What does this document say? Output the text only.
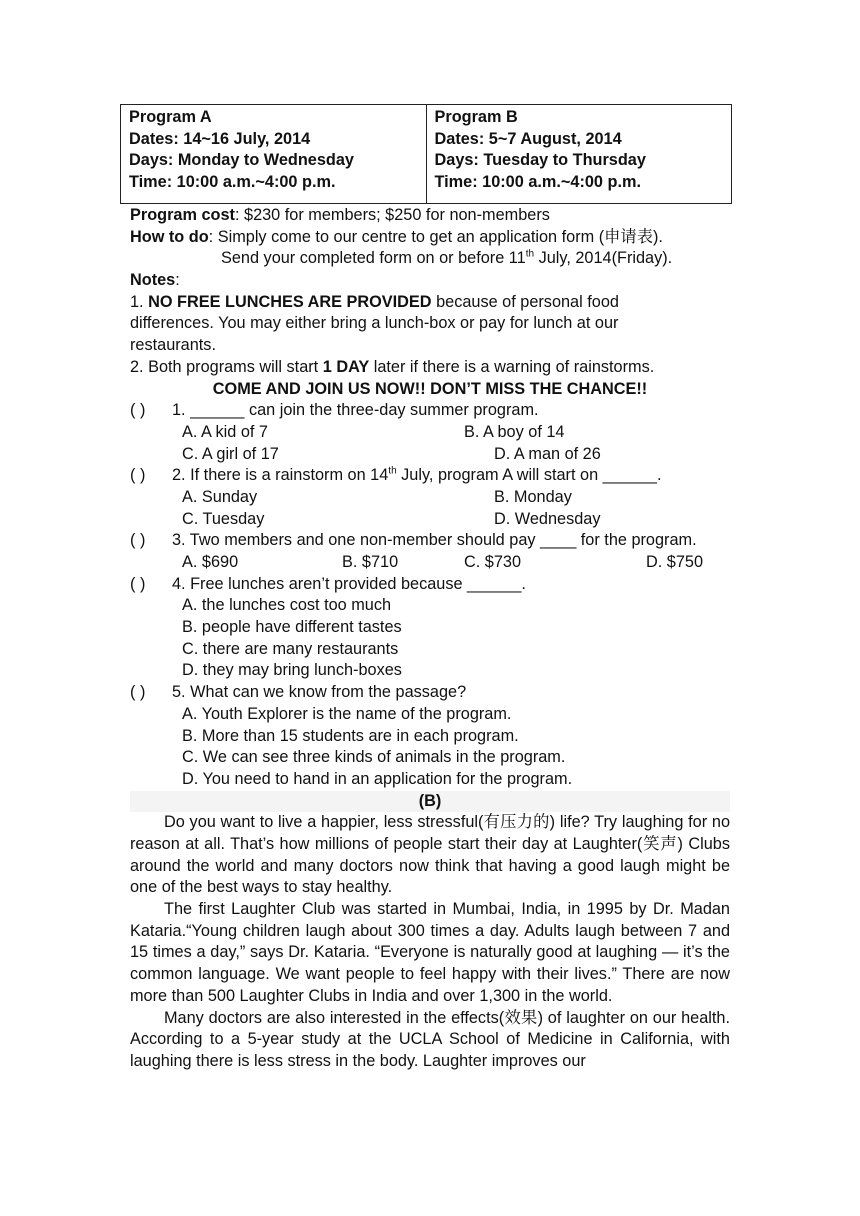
Program A
Dates: 14~16 July, 2014
Days: Monday to Wednesday
Time: 10:00 a.m.~4:00 p.m.

Program B
Dates: 5~7 August, 2014
Days: Tuesday to Thursday
Time: 10:00 a.m.~4:00 p.m.
Program cost: $230 for members; $250 for non-members
How to do: Simply come to our centre to get an application form (申请表).
Send your completed form on or before 11th July, 2014(Friday).
Notes:
1. NO FREE LUNCHES ARE PROVIDED because of personal food
differences. You may either bring a lunch-box or pay for lunch at our
restaurants.
2. Both programs will start 1 DAY later if there is a warning of rainstorms.
COME AND JOIN US NOW!! DON’T MISS THE CHANCE!!
( ) 1. ______ can join the three-day summer program.
A. A kid of 7	B. A boy of 14
C. A girl of 17	D. A man of 26
( ) 2. If there is a rainstorm on 14th July, program A will start on ______.
A. Sunday	B. Monday
C. Tuesday	D. Wednesday
( ) 3. Two members and one non-member should pay ____ for the program.
A. $690	B. $710	C. $730	D. $750
( ) 4. Free lunches aren’t provided because ______.
A. the lunches cost too much
B. people have different tastes
C. there are many restaurants
D. they may bring lunch-boxes
( ) 5. What can we know from the passage?
A. Youth Explorer is the name of the program.
B. More than 15 students are in each program.
C. We can see three kinds of animals in the program.
D. You need to hand in an application for the program.
(B)
Do you want to live a happier, less stressful(有压力的) life? Try laughing for no reason at all. That’s how millions of people start their day at Laughter(笑声) Clubs around the world and many doctors now think that having a good laugh might be one of the best ways to stay healthy.
The first Laughter Club was started in Mumbai, India, in 1995 by Dr. Madan Kataria.“Young children laugh about 300 times a day. Adults laugh between 7 and 15 times a day,” says Dr. Kataria. “Everyone is naturally good at laughing — it’s the common language. We want people to feel happy with their lives.” There are now more than 500 Laughter Clubs in India and over 1,300 in the world.
Many doctors are also interested in the effects(效果) of laughter on our health. According to a 5-year study at the UCLA School of Medicine in California, with laughing there is less stress in the body. Laughter improves our
